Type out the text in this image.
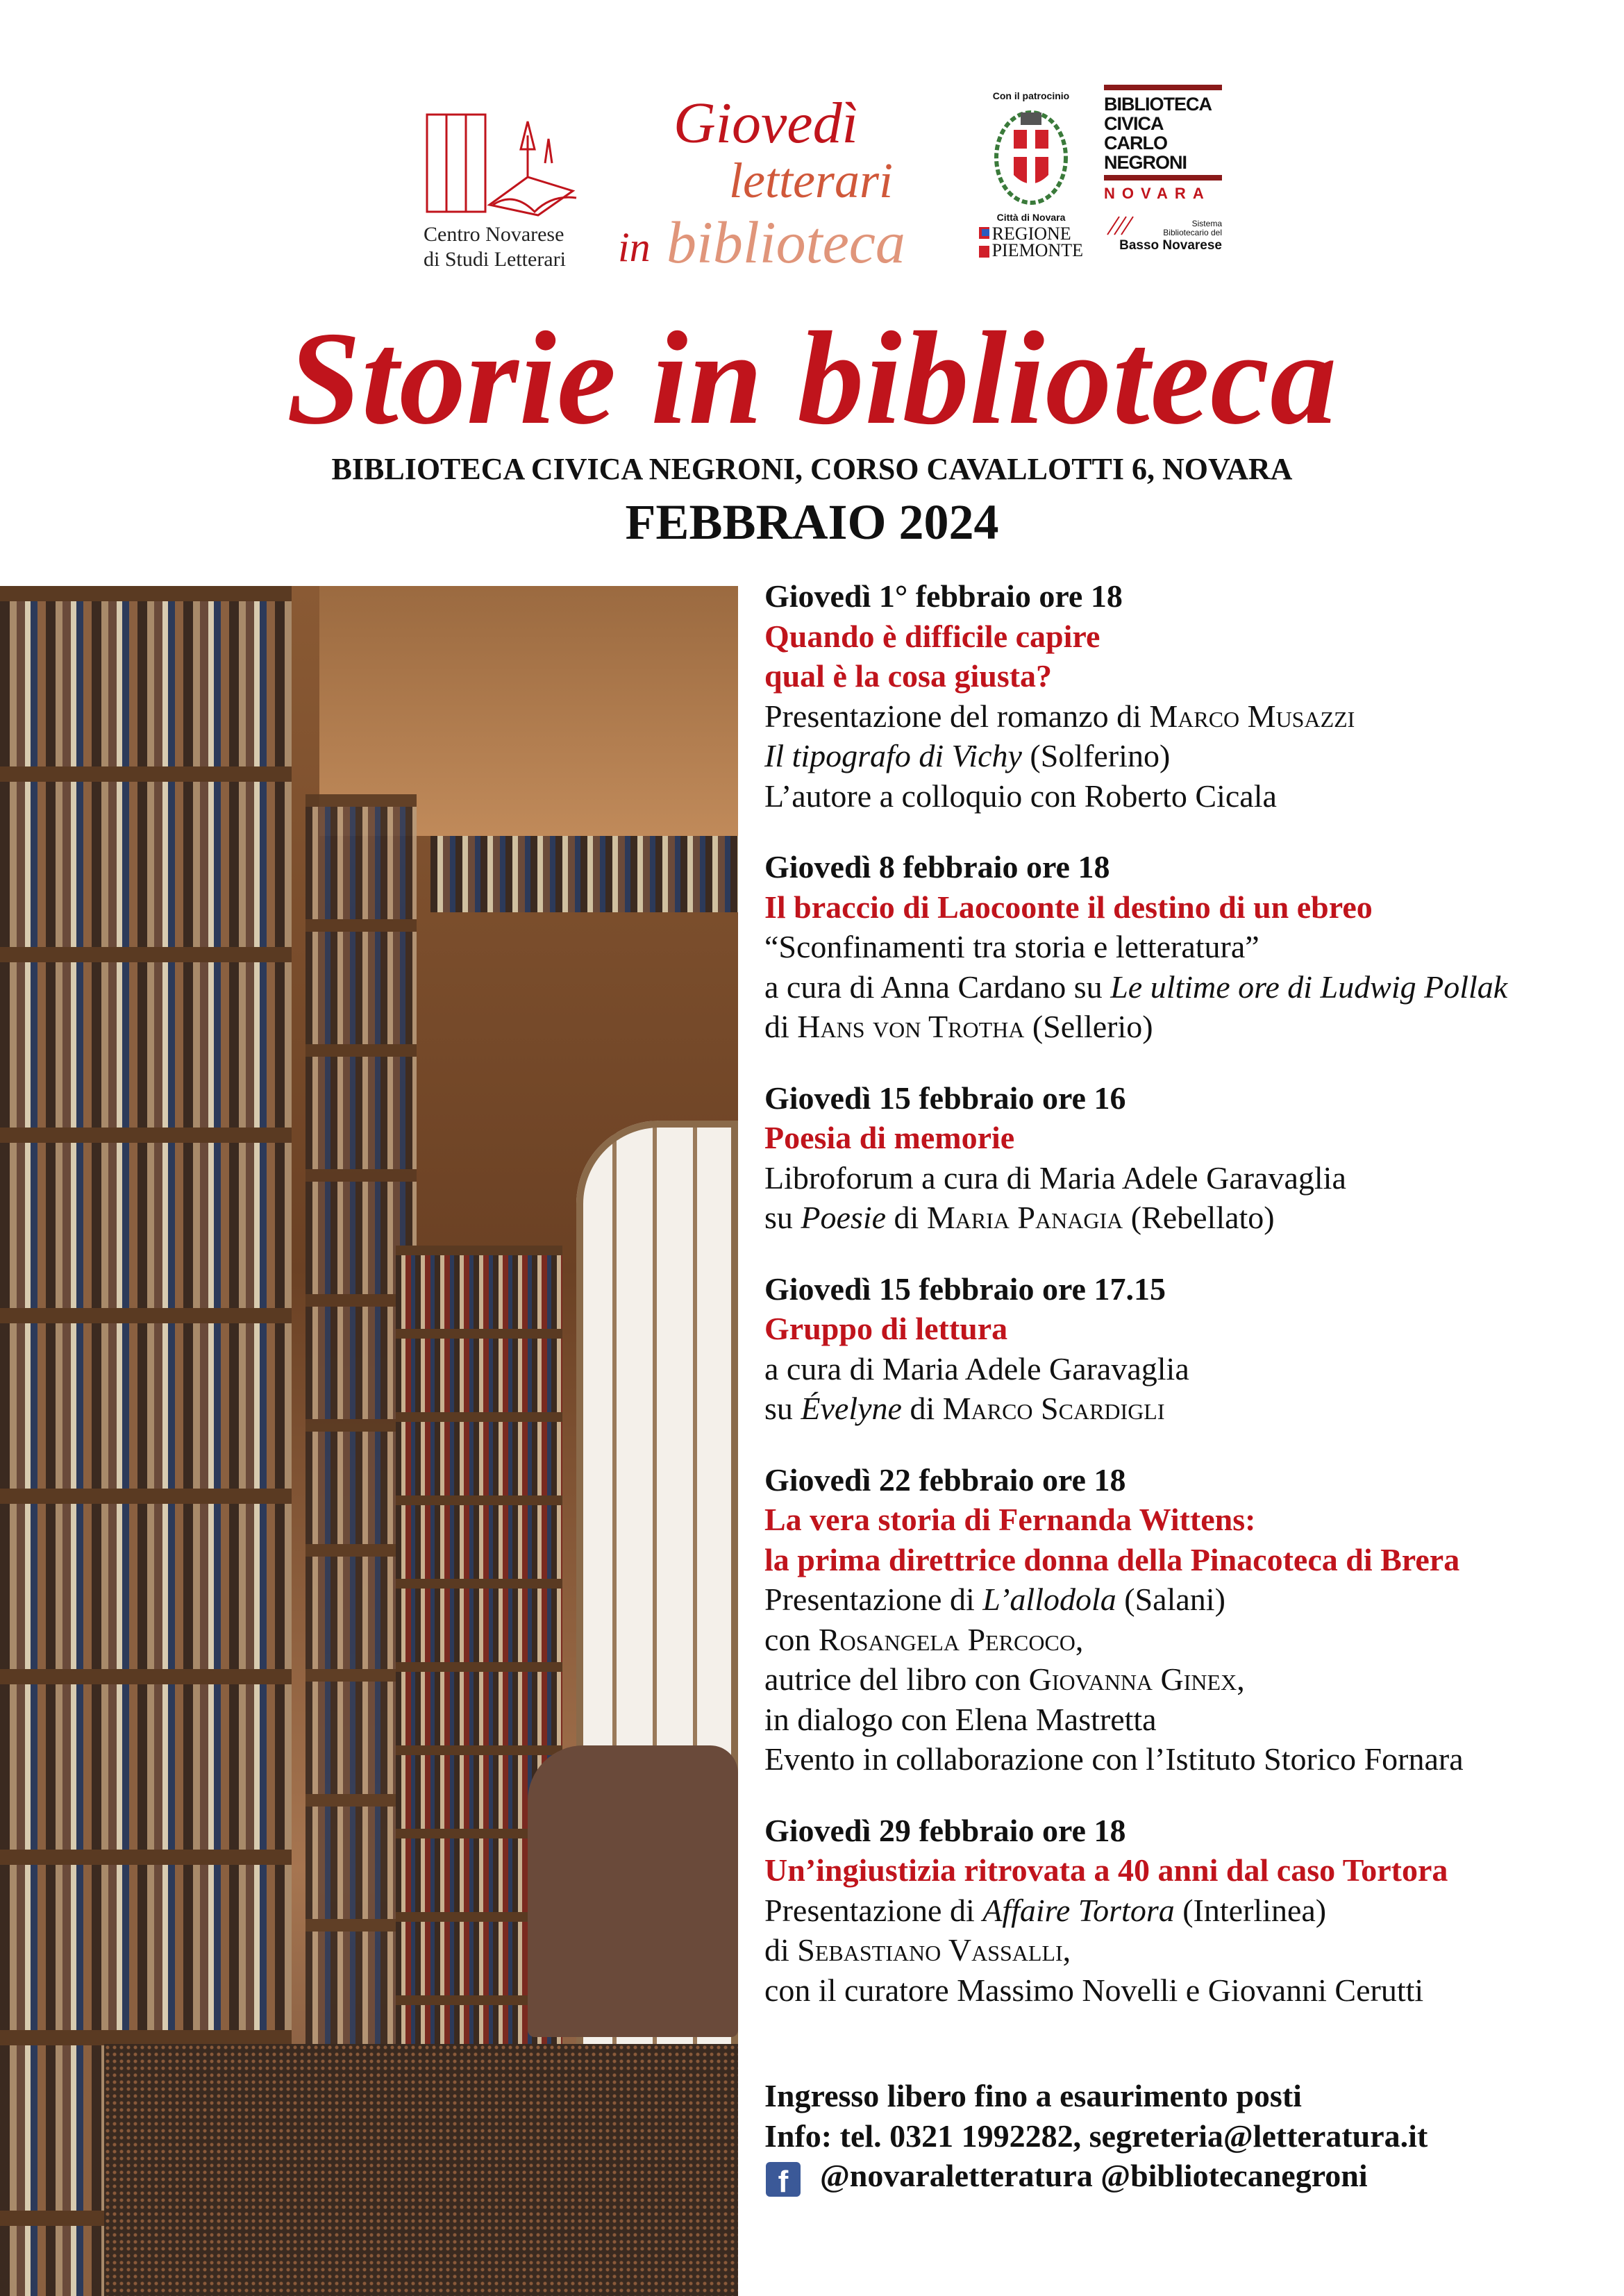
Centro Novarese
di Studi Letterari
Giovedì
letterari
in biblioteca
Con il patrocinio
Città di Novara
REGIONE
PIEMONTE
BIBLIOTECA
CIVICA
CARLO
NEGRONI
NOVARA
Sistema
Bibliotecario del
Basso Novarese
Storie in biblioteca
BIBLIOTECA CIVICA NEGRONI, CORSO CAVALLOTTI 6, NOVARA
FEBBRAIO 2024
Giovedì 1° febbraio ore 18
Quando è difficile capire
qual è la cosa giusta?
Presentazione del romanzo di Marco Musazzi
Il tipografo di Vichy (Solferino)
L’autore a colloquio con Roberto Cicala
Giovedì 8 febbraio ore 18
Il braccio di Laocoonte il destino di un ebreo
“Sconfinamenti tra storia e letteratura”
a cura di Anna Cardano su Le ultime ore di Ludwig Pollak
di Hans von Trotha (Sellerio)
Giovedì 15 febbraio ore 16
Poesia di memorie
Libroforum a cura di Maria Adele Garavaglia
su Poesie di Maria Panagia (Rebellato)
Giovedì 15 febbraio ore 17.15
Gruppo di lettura
a cura di Maria Adele Garavaglia
su Évelyne di Marco Scardigli
Giovedì 22 febbraio ore 18
La vera storia di Fernanda Wittens:
la prima direttrice donna della Pinacoteca di Brera
Presentazione di L’allodola (Salani)
con Rosangela Percoco,
autrice del libro con Giovanna Ginex,
in dialogo con Elena Mastretta
Evento in collaborazione con l’Istituto Storico Fornara
Giovedì 29 febbraio ore 18
Un’ingiustizia ritrovata a 40 anni dal caso Tortora
Presentazione di Affaire Tortora (Interlinea)
di Sebastiano Vassalli,
con il curatore Massimo Novelli e Giovanni Cerutti
Ingresso libero fino a esaurimento posti
Info: tel. 0321 1992282, segreteria@letteratura.it
f @novaraletteratura @bibliotecanegroni
